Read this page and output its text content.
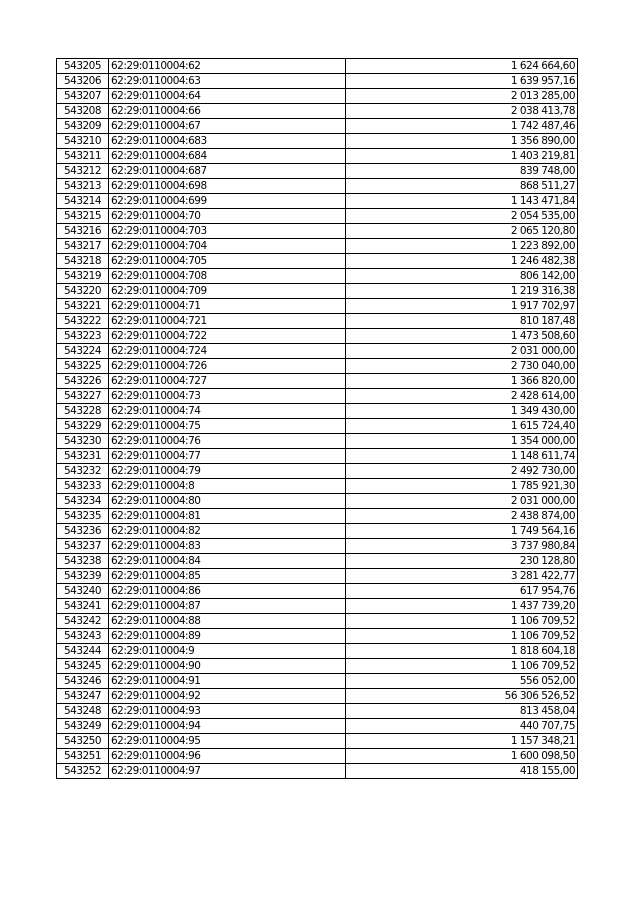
543205	62:29:0110004:62	1 624 664,60
543206	62:29:0110004:63	1 639 957,16
543207	62:29:0110004:64	2 013 285,00
543208	62:29:0110004:66	2 038 413,78
543209	62:29:0110004:67	1 742 487,46
543210	62:29:0110004:683	1 356 890,00
543211	62:29:0110004:684	1 403 219,81
543212	62:29:0110004:687	839 748,00
543213	62:29:0110004:698	868 511,27
543214	62:29:0110004:699	1 143 471,84
543215	62:29:0110004:70	2 054 535,00
543216	62:29:0110004:703	2 065 120,80
543217	62:29:0110004:704	1 223 892,00
543218	62:29:0110004:705	1 246 482,38
543219	62:29:0110004:708	806 142,00
543220	62:29:0110004:709	1 219 316,38
543221	62:29:0110004:71	1 917 702,97
543222	62:29:0110004:721	810 187,48
543223	62:29:0110004:722	1 473 508,60
543224	62:29:0110004:724	2 031 000,00
543225	62:29:0110004:726	2 730 040,00
543226	62:29:0110004:727	1 366 820,00
543227	62:29:0110004:73	2 428 614,00
543228	62:29:0110004:74	1 349 430,00
543229	62:29:0110004:75	1 615 724,40
543230	62:29:0110004:76	1 354 000,00
543231	62:29:0110004:77	1 148 611,74
543232	62:29:0110004:79	2 492 730,00
543233	62:29:0110004:8	1 785 921,30
543234	62:29:0110004:80	2 031 000,00
543235	62:29:0110004:81	2 438 874,00
543236	62:29:0110004:82	1 749 564,16
543237	62:29:0110004:83	3 737 980,84
543238	62:29:0110004:84	230 128,80
543239	62:29:0110004:85	3 281 422,77
543240	62:29:0110004:86	617 954,76
543241	62:29:0110004:87	1 437 739,20
543242	62:29:0110004:88	1 106 709,52
543243	62:29:0110004:89	1 106 709,52
543244	62:29:0110004:9	1 818 604,18
543245	62:29:0110004:90	1 106 709,52
543246	62:29:0110004:91	556 052,00
543247	62:29:0110004:92	56 306 526,52
543248	62:29:0110004:93	813 458,04
543249	62:29:0110004:94	440 707,75
543250	62:29:0110004:95	1 157 348,21
543251	62:29:0110004:96	1 600 098,50
543252	62:29:0110004:97	418 155,00
